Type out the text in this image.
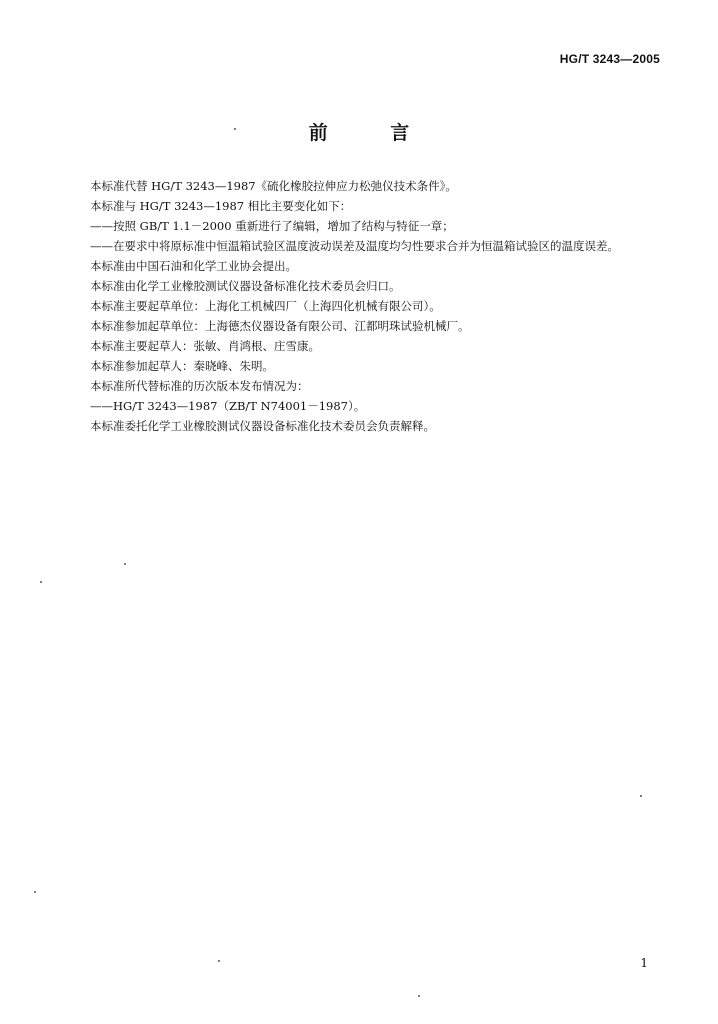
HG/T 3243—2005
前 言

本标准代替 HG/T 3243—1987《硫化橡胶拉伸应力松弛仪技术条件》。

本标准与 HG/T 3243—1987 相比主要变化如下：

——按照 GB/T 1.1－2000 重新进行了编辑，增加了结构与特征一章；

——在要求中将原标准中恒温箱试验区温度波动误差及温度均匀性要求合并为恒温箱试验区的温度误差。

本标准由中国石油和化学工业协会提出。

本标准由化学工业橡胶测试仪器设备标准化技术委员会归口。

本标准主要起草单位：上海化工机械四厂（上海四化机械有限公司）。

本标准参加起草单位：上海德杰仪器设备有限公司、江都明珠试验机械厂。

本标准主要起草人：张敏、肖鸿根、庄雪康。

本标准参加起草人：秦晓峰、朱明。

本标准所代替标准的历次版本发布情况为：

——HG/T 3243—1987（ZB/T N74001－1987）。

本标准委托化学工业橡胶测试仪器设备标准化技术委员会负责解释。

1
